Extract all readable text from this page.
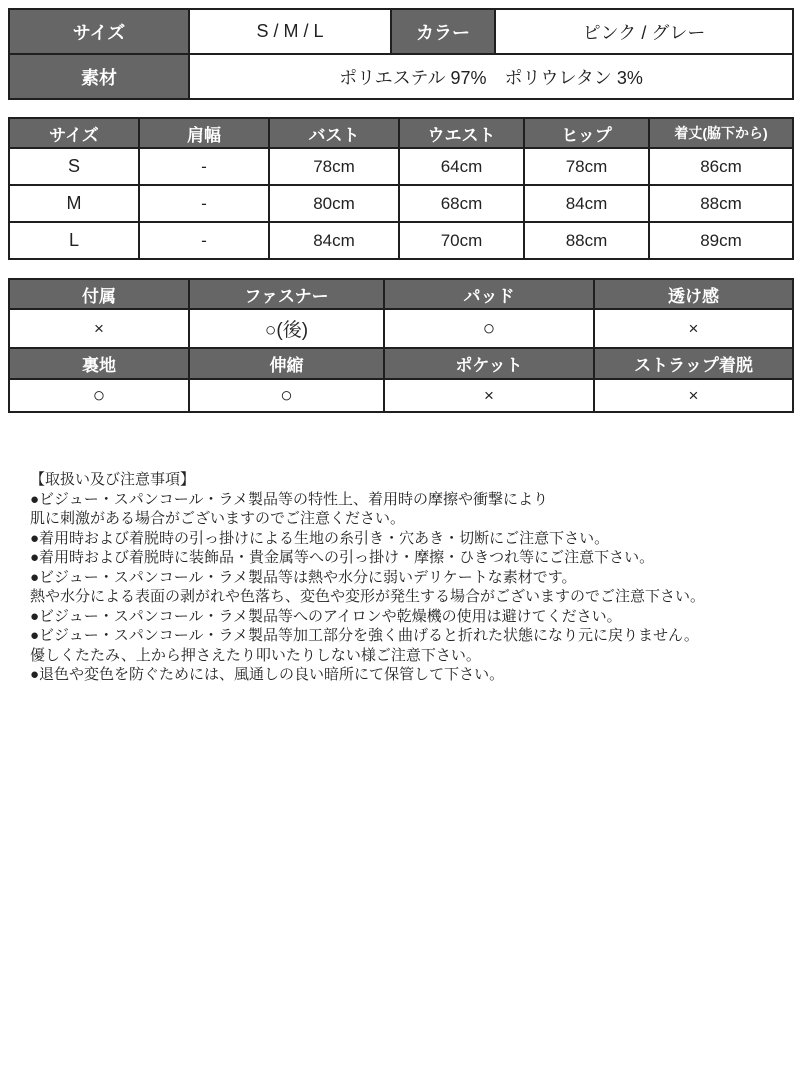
サイズ	S / M / L	カラー	ピンク / グレー
素材	ポリエステル 97%　ポリウレタン 3%		
サイズ	肩幅	バスト	ウエスト	ヒップ	着丈(脇下から)
S	-	78cm	64cm	78cm	86cm
M	-	80cm	68cm	84cm	88cm
L	-	84cm	70cm	88cm	89cm
付属	ファスナー	パッド	透け感
×	○(後)	○	×
裏地	伸縮	ポケット	ストラップ着脱
○	○	×	×
【取扱い及び注意事項】
●ビジュー・スパンコール・ラメ製品等の特性上、着用時の摩擦や衝撃により
肌に刺激がある場合がございますのでご注意ください。
●着用時および着脱時の引っ掛けによる生地の糸引き・穴あき・切断にご注意下さい。
●着用時および着脱時に装飾品・貴金属等への引っ掛け・摩擦・ひきつれ等にご注意下さい。
●ビジュー・スパンコール・ラメ製品等は熱や水分に弱いデリケートな素材です。
熱や水分による表面の剥がれや色落ち、変色や変形が発生する場合がございますのでご注意下さい。
●ビジュー・スパンコール・ラメ製品等へのアイロンや乾燥機の使用は避けてください。
●ビジュー・スパンコール・ラメ製品等加工部分を強く曲げると折れた状態になり元に戻りません。
優しくたたみ、上から押さえたり叩いたりしない様ご注意下さい。
●退色や変色を防ぐためには、風通しの良い暗所にて保管して下さい。
